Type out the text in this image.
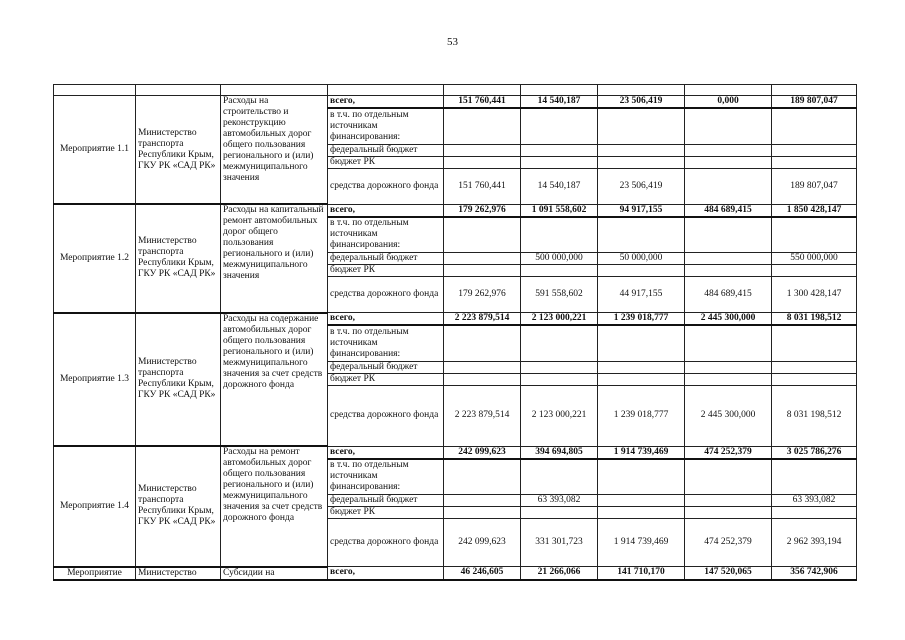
53

Мероприятие 1.1	Министерство транспорта Республики Крым, ГКУ РК «САД РК»	Расходы на строительство и реконструкцию автомобильных дорог общего пользования регионального и (или) межмуниципального значения	всего,	151 760,441	14 540,187	23 506,419	0,000	189 807,047
			в т.ч. по отдельным источникам финансирования:					
			федеральный бюджет					
			бюджет РК					
			средства дорожного фонда	151 760,441	14 540,187	23 506,419		189 807,047
Мероприятие 1.2	Министерство транспорта Республики Крым, ГКУ РК «САД РК»	Расходы на капитальный ремонт автомобильных дорог общего пользования регионального и (или) межмуниципального значения	всего,	179 262,976	1 091 558,602	94 917,155	484 689,415	1 850 428,147
			в т.ч. по отдельным источникам финансирования:					
			федеральный бюджет		500 000,000	50 000,000		550 000,000
			бюджет РК					
			средства дорожного фонда	179 262,976	591 558,602	44 917,155	484 689,415	1 300 428,147
Мероприятие 1.3	Министерство транспорта Республики Крым, ГКУ РК «САД РК»	Расходы на содержание автомобильных дорог общего пользования регионального и (или) межмуниципального значения за счет средств дорожного фонда	всего,	2 223 879,514	2 123 000,221	1 239 018,777	2 445 300,000	8 031 198,512
			в т.ч. по отдельным источникам финансирования:					
			федеральный бюджет					
			бюджет РК					
			средства дорожного фонда	2 223 879,514	2 123 000,221	1 239 018,777	2 445 300,000	8 031 198,512
Мероприятие 1.4	Министерство транспорта Республики Крым, ГКУ РК «САД РК»	Расходы на ремонт автомобильных дорог общего пользования регионального и (или) межмуниципального значения за счет средств дорожного фонда	всего,	242 099,623	394 694,805	1 914 739,469	474 252,379	3 025 786,276
			в т.ч. по отдельным источникам финансирования:					
			федеральный бюджет		63 393,082			63 393,082
			бюджет РК					
			средства дорожного фонда	242 099,623	331 301,723	1 914 739,469	474 252,379	2 962 393,194
Мероприятие	Министерство	Субсидии на	всего,	46 246,605	21 266,066	141 710,170	147 520,065	356 742,906
